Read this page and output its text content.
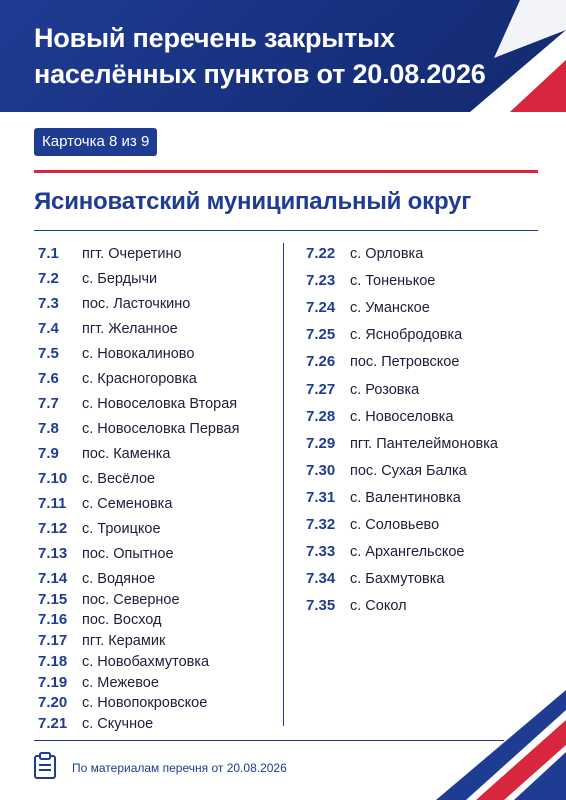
Новый перечень закрытых
населённых пунктов от 20.08.2026
Карточка 8 из 9
Ясиноватский муниципальный округ
7.1 пгт. Очеретино
7.2 с. Бердычи
7.3 пос. Ласточкино
7.4 пгт. Желанное
7.5 с. Новокалиново
7.6 с. Красногоровка
7.7 с. Новоселовка Вторая
7.8 с. Новоселовка Первая
7.9 пос. Каменка
7.10 с. Весёлое
7.11 с. Семеновка
7.12 с. Троицкое
7.13 пос. Опытное
7.14 с. Водяное
7.15 пос. Северное
7.16 пос. Восход
7.17 пгт. Керамик
7.18 с. Новобахмутовка
7.19 с. Межевое
7.20 с. Новопокровское
7.21 с. Скучное
7.22 с. Орловка
7.23 с. Тоненькое
7.24 с. Уманское
7.25 с. Яснобродовка
7.26 пос. Петровское
7.27 с. Розовка
7.28 с. Новоселовка
7.29 пгт. Пантелеймоновка
7.30 пос. Сухая Балка
7.31 с. Валентиновка
7.32 с. Соловьево
7.33 с. Архангельское
7.34 с. Бахмутовка
7.35 с. Сокол
По материалам перечня от 20.08.2026
